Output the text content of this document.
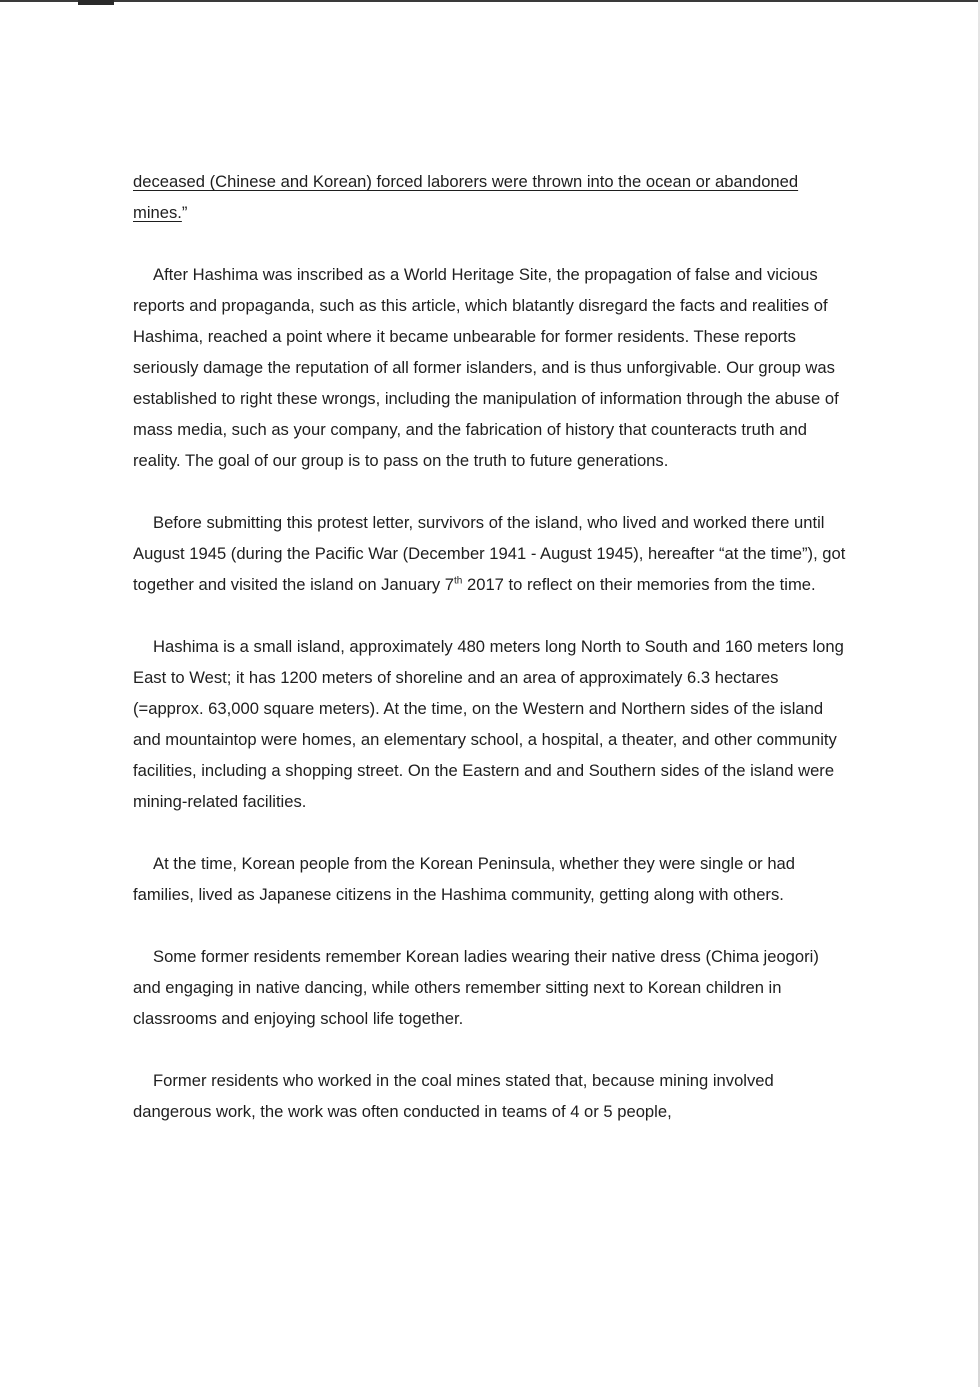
deceased (Chinese and Korean) forced laborers were thrown into the ocean or abandoned mines.”

After Hashima was inscribed as a World Heritage Site, the propagation of false and vicious reports and propaganda, such as this article, which blatantly disregard the facts and realities of Hashima, reached a point where it became unbearable for former residents. These reports seriously damage the reputation of all former islanders, and is thus unforgivable. Our group was established to right these wrongs, including the manipulation of information through the abuse of mass media, such as your company, and the fabrication of history that counteracts truth and reality. The goal of our group is to pass on the truth to future generations.

Before submitting this protest letter, survivors of the island, who lived and worked there until August 1945 (during the Pacific War (December 1941 - August 1945), hereafter “at the time”), got together and visited the island on January 7th 2017 to reflect on their memories from the time.

Hashima is a small island, approximately 480 meters long North to South and 160 meters long East to West; it has 1200 meters of shoreline and an area of approximately 6.3 hectares (=approx. 63,000 square meters). At the time, on the Western and Northern sides of the island and mountaintop were homes, an elementary school, a hospital, a theater, and other community facilities, including a shopping street. On the Eastern and and Southern sides of the island were mining-related facilities.

At the time, Korean people from the Korean Peninsula, whether they were single or had families, lived as Japanese citizens in the Hashima community, getting along with others.

Some former residents remember Korean ladies wearing their native dress (Chima jeogori) and engaging in native dancing, while others remember sitting next to Korean children in classrooms and enjoying school life together.

Former residents who worked in the coal mines stated that, because mining involved dangerous work, the work was often conducted in teams of 4 or 5 people,
